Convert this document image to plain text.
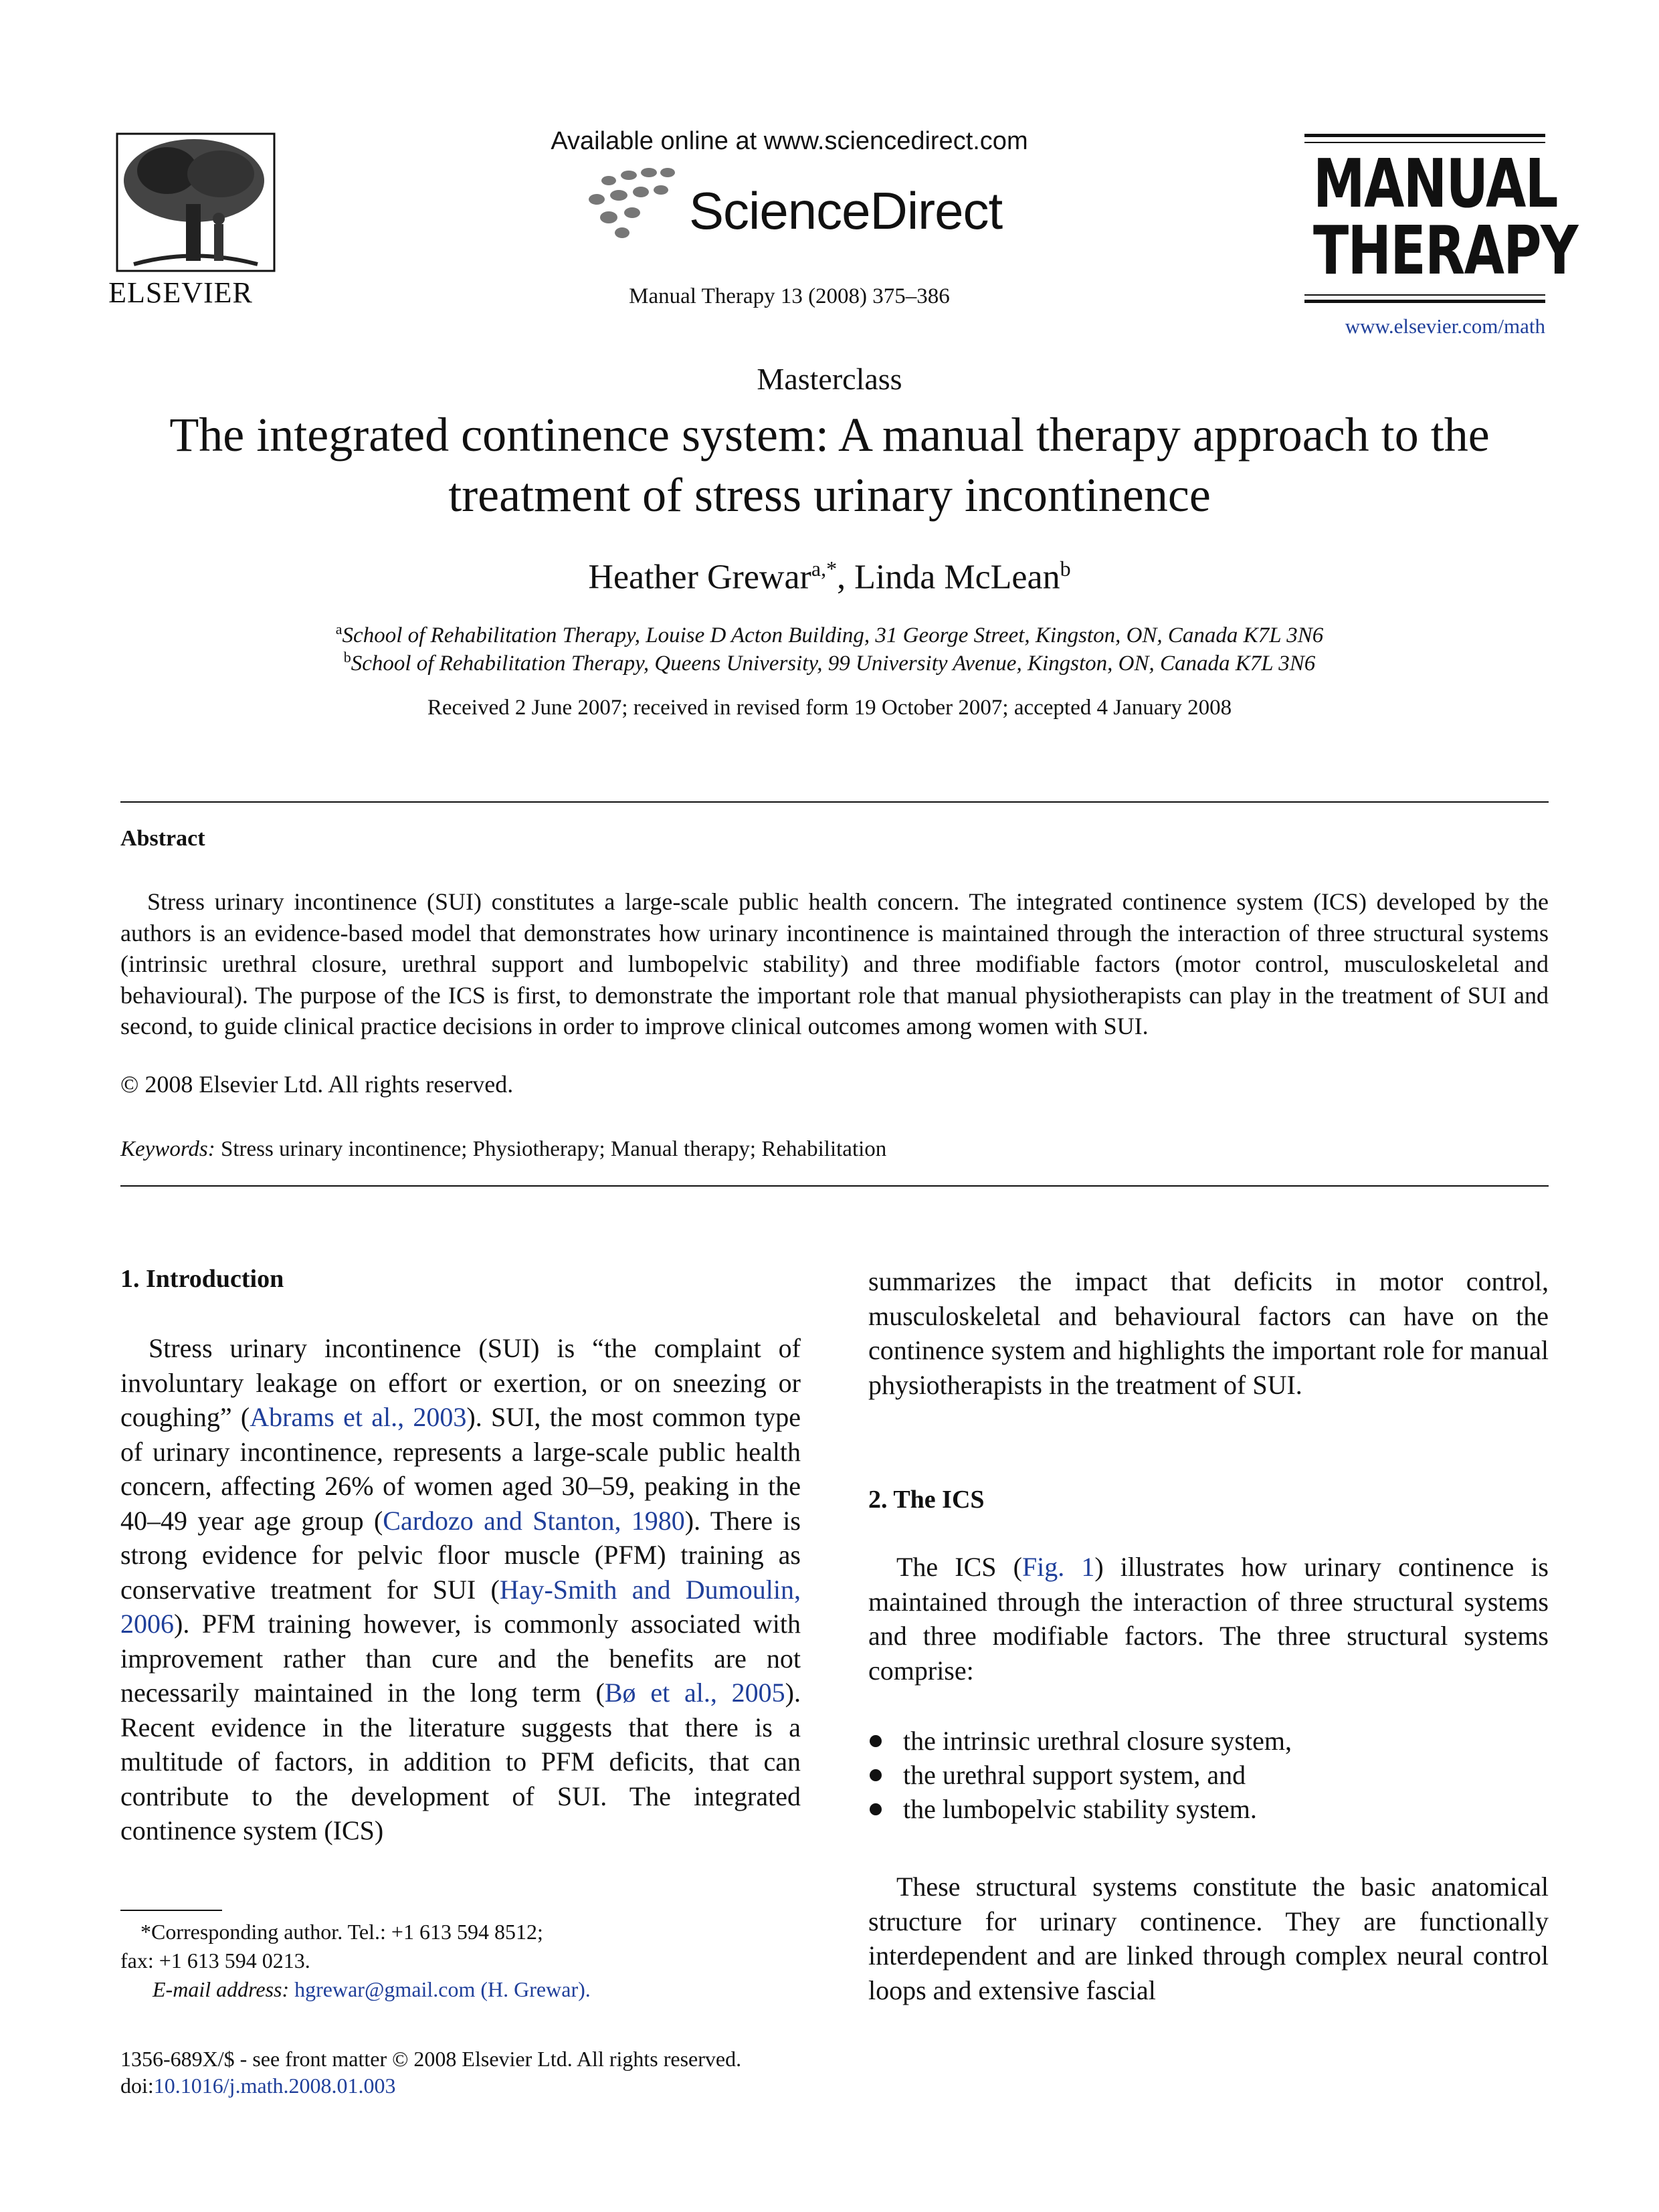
ELSEVIER
Available online at www.sciencedirect.com
ScienceDirect
Manual Therapy 13 (2008) 375–386
MANUAL
THERAPY
www.elsevier.com/math
Masterclass
The integrated continence system: A manual therapy approach to the
treatment of stress urinary incontinence
Heather Grewar$^{a,*}$, Linda McLean$^b$
$^a$School of Rehabilitation Therapy, Louise D Acton Building, 31 George Street, Kingston, ON, Canada K7L 3N6
$^b$School of Rehabilitation Therapy, Queens University, 99 University Avenue, Kingston, ON, Canada K7L 3N6
Received 2 June 2007; received in revised form 19 October 2007; accepted 4 January 2008
Abstract
Stress urinary incontinence (SUI) constitutes a large-scale public health concern. The integrated continence system (ICS) developed by the authors is an evidence-based model that demonstrates how urinary incontinence is maintained through the interaction of three structural systems (intrinsic urethral closure, urethral support and lumbopelvic stability) and three modifiable factors (motor control, musculoskeletal and behavioural). The purpose of the ICS is first, to demonstrate the important role that manual physiotherapists can play in the treatment of SUI and second, to guide clinical practice decisions in order to improve clinical outcomes among women with SUI.
© 2008 Elsevier Ltd. All rights reserved.
Keywords: Stress urinary incontinence; Physiotherapy; Manual therapy; Rehabilitation
1. Introduction
Stress urinary incontinence (SUI) is “the complaint of involuntary leakage on effort or exertion, or on sneezing or coughing” (Abrams et al., 2003). SUI, the most common type of urinary incontinence, represents a large-scale public health concern, affecting 26% of women aged 30–59, peaking in the 40–49 year age group (Cardozo and Stanton, 1980). There is strong evidence for pelvic floor muscle (PFM) training as conservative treatment for SUI (Hay-Smith and Dumoulin, 2006). PFM training however, is commonly associated with improvement rather than cure and the benefits are not necessarily maintained in the long term (Bø et al., 2005). Recent evidence in the literature suggests that there is a multitude of factors, in addition to PFM deficits, that can contribute to the development of SUI. The integrated continence system (ICS)
*Corresponding author. Tel.: +1 613 594 8512;
fax: +1 613 594 0213.
E-mail address: hgrewar@gmail.com (H. Grewar).
1356-689X/$ - see front matter © 2008 Elsevier Ltd. All rights reserved.
doi:10.1016/j.math.2008.01.003
summarizes the impact that deficits in motor control, musculoskeletal and behavioural factors can have on the continence system and highlights the important role for manual physiotherapists in the treatment of SUI.
2. The ICS
The ICS (Fig. 1) illustrates how urinary continence is maintained through the interaction of three structural systems and three modifiable factors. The three structural systems comprise:
the intrinsic urethral closure system,
the urethral support system, and
the lumbopelvic stability system.
These structural systems constitute the basic anatomical structure for urinary continence. They are functionally interdependent and are linked through complex neural control loops and extensive fascial
